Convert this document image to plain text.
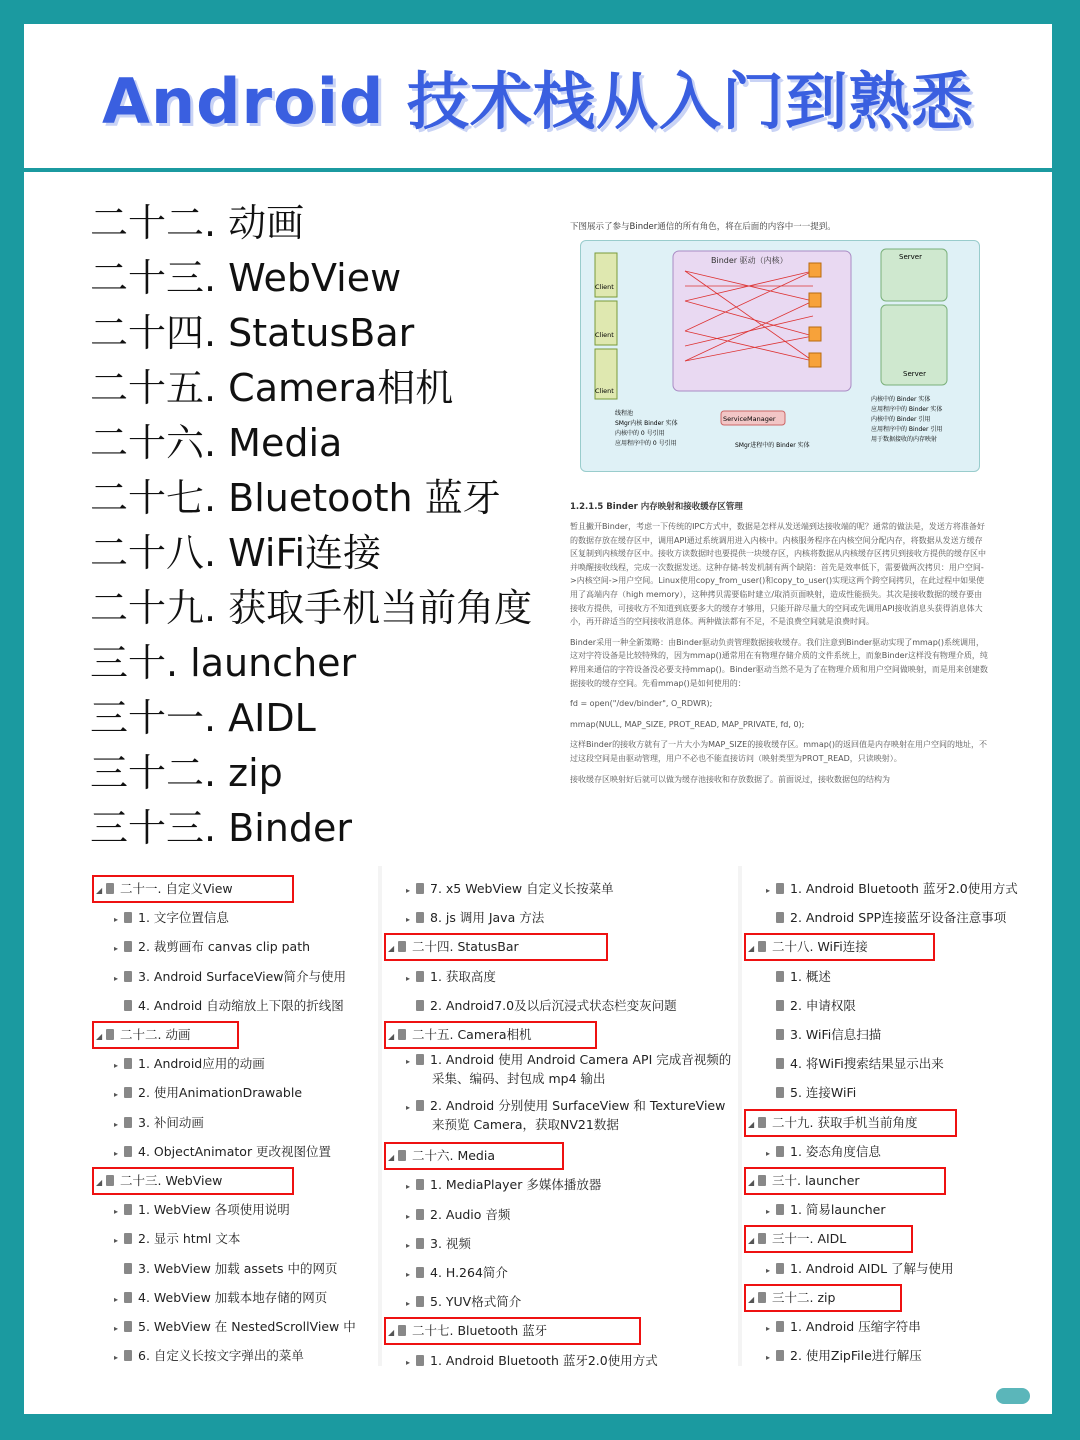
Android 技术栈从入门到熟悉
二十二. 动画
二十三. WebView
二十四. StatusBar
二十五. Camera相机
二十六. Media
二十七. Bluetooth 蓝牙
二十八. WiFi连接
二十九. 获取手机当前角度
三十. launcher
三十一. AIDL
三十二. zip
三十三. Binder
下图展示了参与Binder通信的所有角色，将在后面的内容中一一提到。
Binder 驱动（内核）	Server
Server
Client
Client
Client
ServiceManager
线程池
SMgr内核 Binder 实体
内核中的 0 号引用
应用程序中的 0 号引用	SMgr进程中的 Binder 实体
内核中的 Binder 实体
应用程序中的 Binder 实体
内核中的 Binder 引用
应用程序中的 Binder 引用
用于数据接收的内存映射
1.2.1.5 Binder 内存映射和接收缓存区管理

暂且撇开Binder，考虑一下传统的IPC方式中，数据是怎样从发送端到达接收端的呢？通常的做法是，发送方将准备好的数据存放在缓存区中，调用API通过系统调用进入内核中。内核服务程序在内核空间分配内存，将数据从发送方缓存区复制到内核缓存区中。接收方读数据时也要提供一块缓存区，内核将数据从内核缓存区拷贝到接收方提供的缓存区中并唤醒接收线程，完成一次数据发送。这种存储-转发机制有两个缺陷：首先是效率低下，需要做两次拷贝：用户空间->内核空间->用户空间。Linux使用copy_from_user()和copy_to_user()实现这两个跨空间拷贝，在此过程中如果使用了高端内存（high memory），这种拷贝需要临时建立/取消页面映射，造成性能损失。其次是接收数据的缓存要由接收方提供，可接收方不知道到底要多大的缓存才够用，只能开辟尽量大的空间或先调用API接收消息头获得消息体大小，再开辟适当的空间接收消息体。两种做法都有不足，不是浪费空间就是浪费时间。

Binder采用一种全新策略：由Binder驱动负责管理数据接收缓存。我们注意到Binder驱动实现了mmap()系统调用，这对字符设备是比较特殊的，因为mmap()通常用在有物理存储介质的文件系统上，而象Binder这样没有物理介质，纯粹用来通信的字符设备没必要支持mmap()。Binder驱动当然不是为了在物理介质和用户空间做映射，而是用来创建数据接收的缓存空间。先看mmap()是如何使用的：

fd = open("/dev/binder", O_RDWR);

mmap(NULL, MAP_SIZE, PROT_READ, MAP_PRIVATE, fd, 0);

这样Binder的接收方就有了一片大小为MAP_SIZE的接收缓存区。mmap()的返回值是内存映射在用户空间的地址，不过这段空间是由驱动管理，用户不必也不能直接访问（映射类型为PROT_READ，只读映射）。

接收缓存区映射好后就可以做为缓存池接收和存放数据了。前面说过，接收数据包的结构为

◢ 二十一. 自定义View
▸ 1. 文字位置信息
▸ 2. 裁剪画布 canvas clip path
▸ 3. Android SurfaceView简介与使用
4. Android 自动缩放上下限的折线图
◢ 二十二. 动画
▸ 1. Android应用的动画
▸ 2. 使用AnimationDrawable
▸ 3. 补间动画
▸ 4. ObjectAnimator 更改视图位置
◢ 二十三. WebView
▸ 1. WebView 各项使用说明
▸ 2. 显示 html 文本
3. WebView 加载 assets 中的网页
▸ 4. WebView 加载本地存储的网页
▸ 5. WebView 在 NestedScrollView 中
▸ 6. 自定义长按文字弹出的菜单
▸ 7. x5 WebView 自定义长按菜单
▸ 8. js 调用 Java 方法
◢ 二十四. StatusBar
▸ 1. 获取高度
2. Android7.0及以后沉浸式状态栏变灰问题
◢ 二十五. Camera相机
▸ 1. Android 使用 Android Camera API 完成音视频的
采集、编码、封包成 mp4 输出
▸ 2. Android 分别使用 SurfaceView 和 TextureView
来预览 Camera，获取NV21数据
◢ 二十六. Media
▸ 1. MediaPlayer 多媒体播放器
▸ 2. Audio 音频
▸ 3. 视频
▸ 4. H.264简介
▸ 5. YUV格式简介
◢ 二十七. Bluetooth 蓝牙
▸ 1. Android Bluetooth 蓝牙2.0使用方式
▸ 1. Android Bluetooth 蓝牙2.0使用方式
2. Android SPP连接蓝牙设备注意事项
◢ 二十八. WiFi连接
1. 概述
2. 申请权限
3. WiFi信息扫描
4. 将WiFi搜索结果显示出来
5. 连接WiFi
◢ 二十九. 获取手机当前角度
▸ 1. 姿态角度信息
◢ 三十. launcher
▸ 1. 简易launcher
◢ 三十一. AIDL
▸ 1. Android AIDL 了解与使用
◢ 三十二. zip
▸ 1. Android 压缩字符串
▸ 2. 使用ZipFile进行解压
